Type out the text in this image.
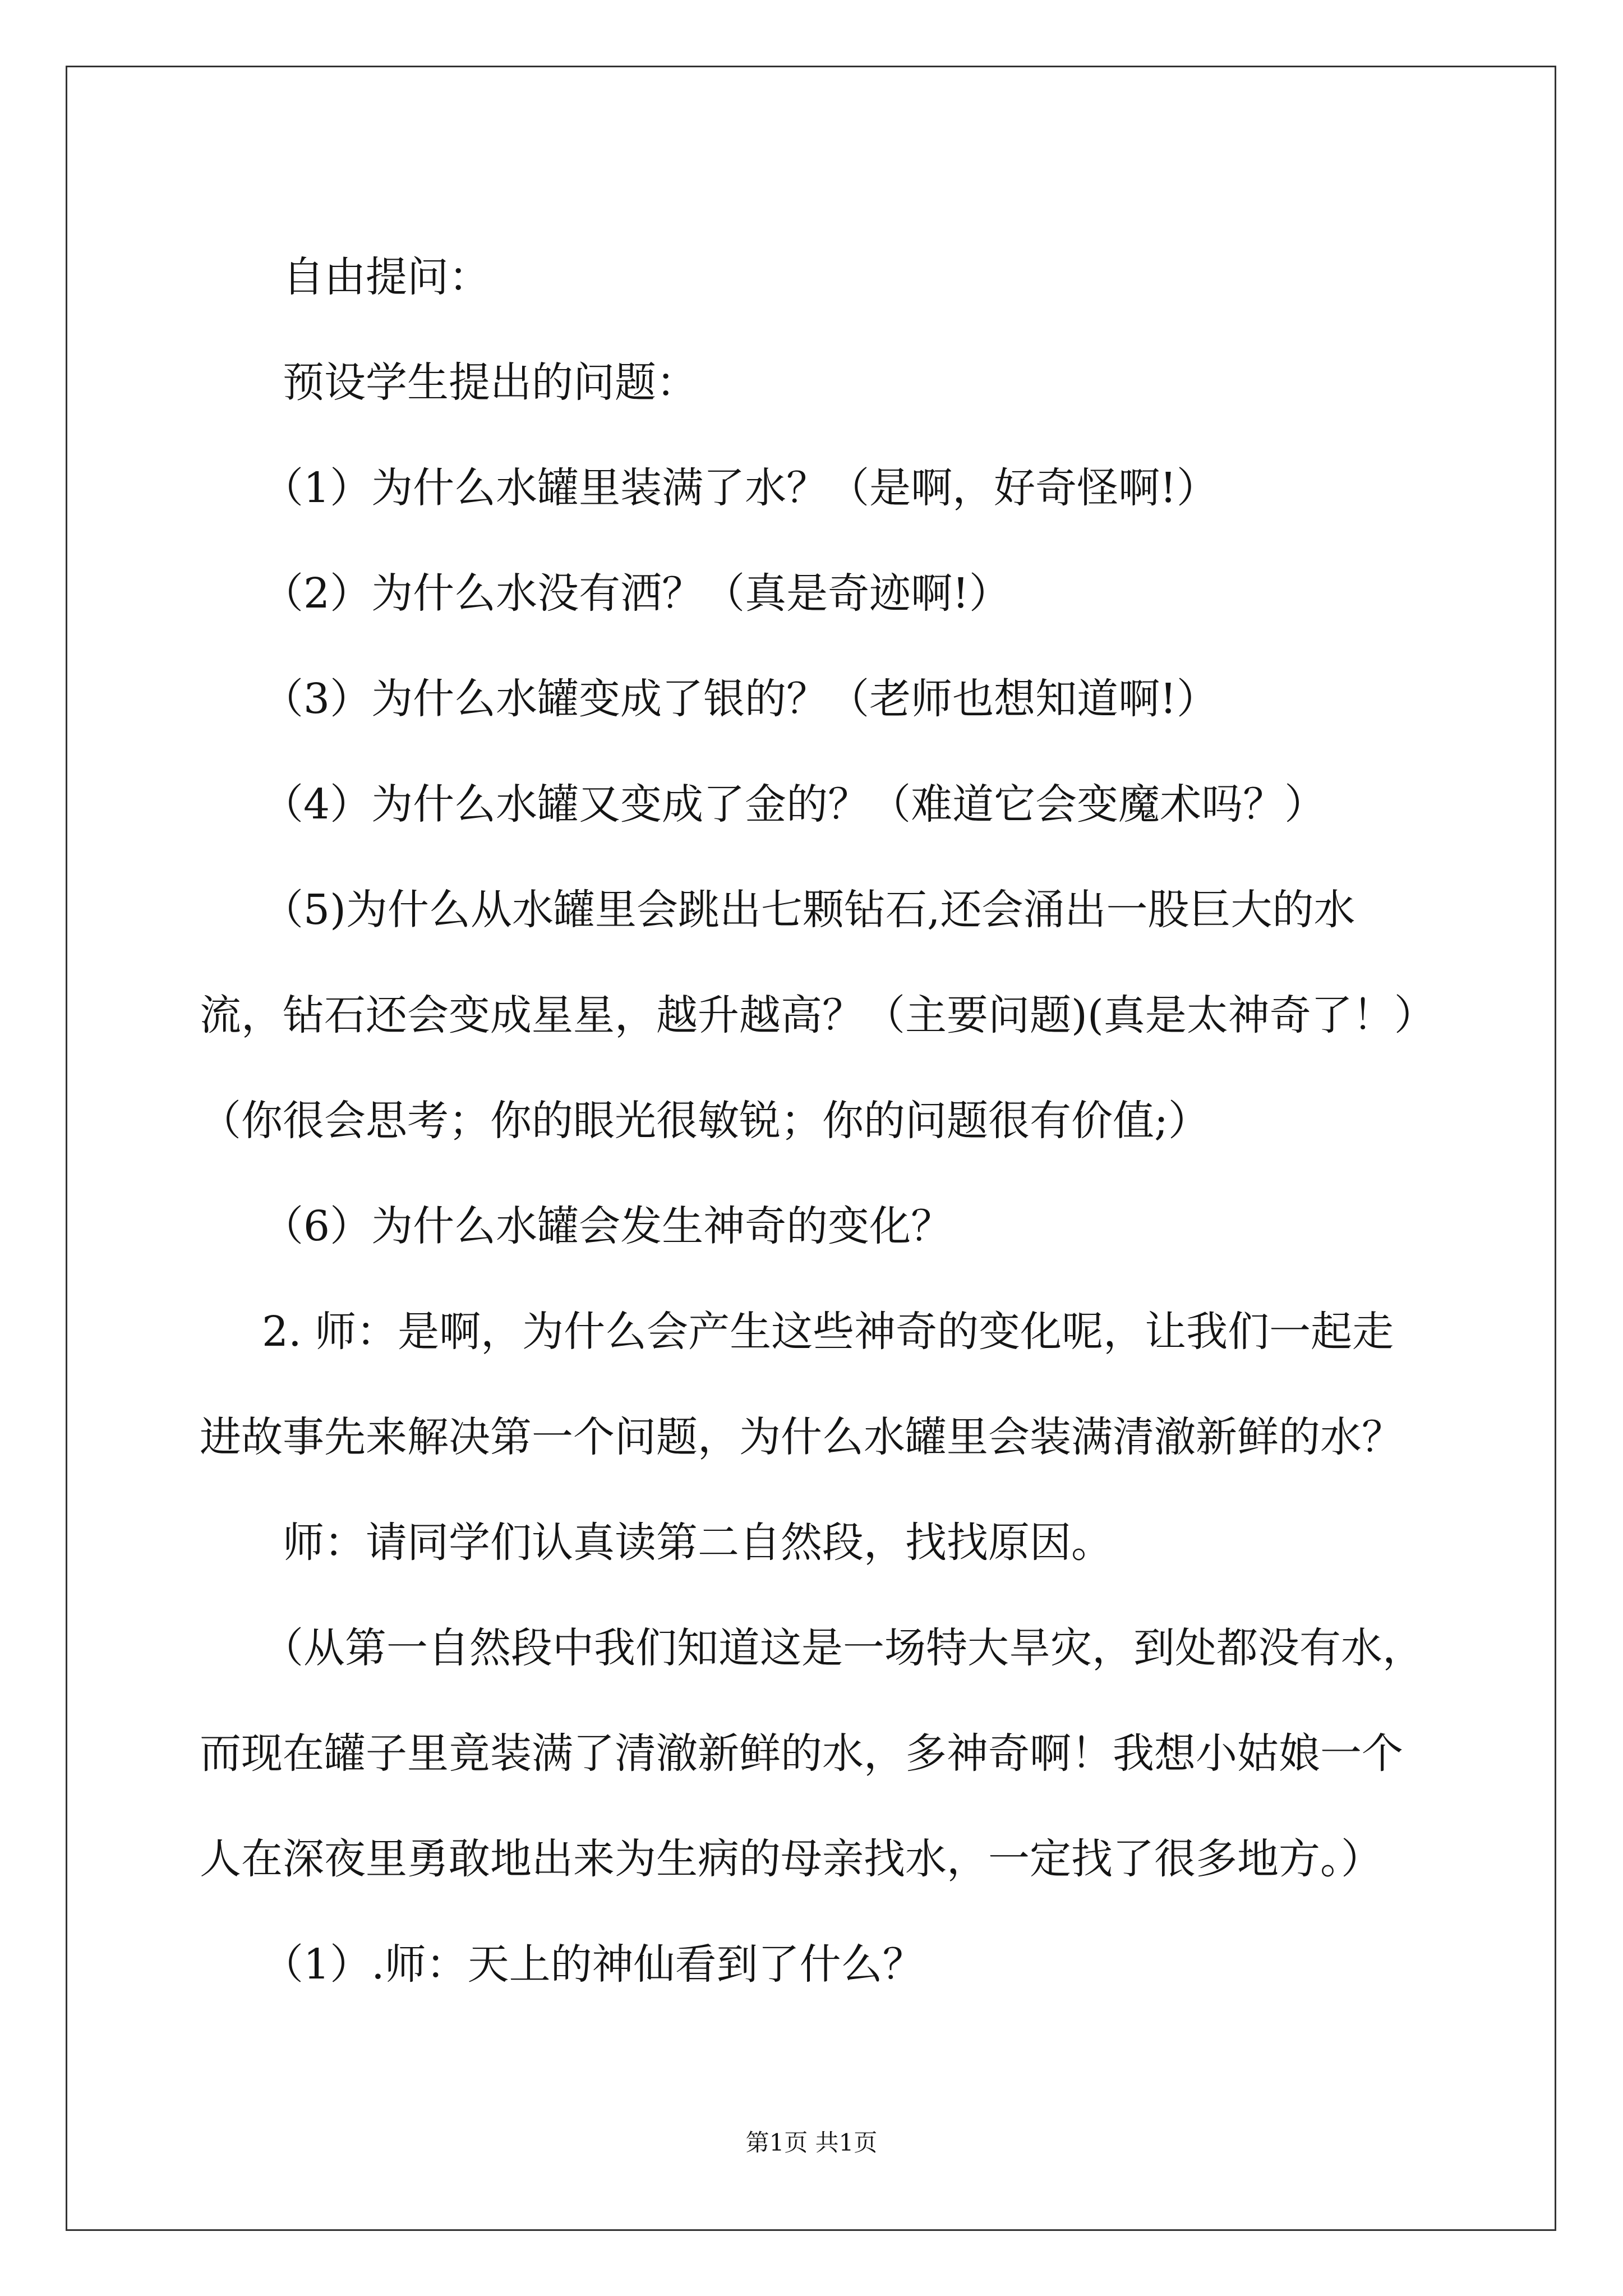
自由提问：

预设学生提出的问题：

（1）为什么水罐里装满了水？（是啊，好奇怪啊!）

（2）为什么水没有洒？（真是奇迹啊!）

（3）为什么水罐变成了银的？（老师也想知道啊!）

（4）为什么水罐又变成了金的？（难道它会变魔术吗？）

（5)为什么从水罐里会跳出七颗钻石,还会涌出一股巨大的水流，钻石还会变成星星，越升越高？（主要问题)(真是太神奇了！）（你很会思考；你的眼光很敏锐；你的问题很有价值;）

（6）为什么水罐会发生神奇的变化？

2. 师：是啊，为什么会产生这些神奇的变化呢，让我们一起走进故事先来解决第一个问题，为什么水罐里会装满清澈新鲜的水？

师：请同学们认真读第二自然段，找找原因。

（从第一自然段中我们知道这是一场特大旱灾，到处都没有水，而现在罐子里竟装满了清澈新鲜的水，多神奇啊！我想小姑娘一个人在深夜里勇敢地出来为生病的母亲找水，一定找了很多地方。）

（1）.师：天上的神仙看到了什么？

第1页 共1页
